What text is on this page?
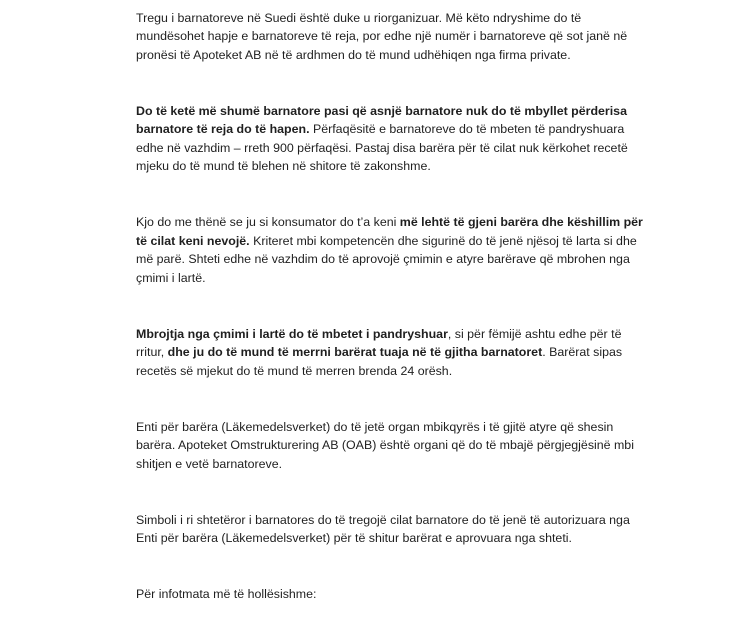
Tregu i barnatoreve në Suedi është duke u riorganizuar. Më këto ndryshime do të
mundësohet hapje e barnatoreve të reja, por edhe një numër i barnatoreve që sot janë në
pronësi të Apoteket AB në të ardhmen do të mund udhëhiqen nga firma private.

Do të ketë më shumë barnatore pasi që asnjë barnatore nuk do të mbyllet përderisa
barnatore të reja do të hapen. Përfaqësitë e barnatoreve do të mbeten të pandryshuara
edhe në vazhdim – rreth 900 përfaqësi. Pastaj disa barëra për të cilat nuk kërkohet recetë
mjeku do të mund të blehen në shitore të zakonshme.

Kjo do me thënë se ju si konsumator do t’a keni më lehtë të gjeni barëra dhe këshillim për
të cilat keni nevojë. Kriteret mbi kompetencën dhe sigurinë do të jenë njësoj të larta si dhe
më parë. Shteti edhe në vazhdim do të aprovojë çmimin e atyre barërave që mbrohen nga
çmimi i lartë.

Mbrojtja nga çmimi i lartë do të mbetet i pandryshuar, si për fëmijë ashtu edhe për të
rritur, dhe ju do të mund të merrni barërat tuaja në të gjitha barnatoret. Barërat sipas
recetës së mjekut do të mund të merren brenda 24 orësh.

Enti për barëra (Läkemedelsverket) do të jetë organ mbikqyrës i të gjitë atyre që shesin
barëra. Apoteket Omstrukturering AB (OAB) është organi që do të mbajë përgjegjësinë mbi
shitjen e vetë barnatoreve.

Simboli i ri shtetëror i barnatores do të tregojë cilat barnatore do të jenë të autorizuara nga
Enti për barëra (Läkemedelsverket) për të shitur barërat e aprovuara nga shteti.

Për infotmata më të hollësishme:
